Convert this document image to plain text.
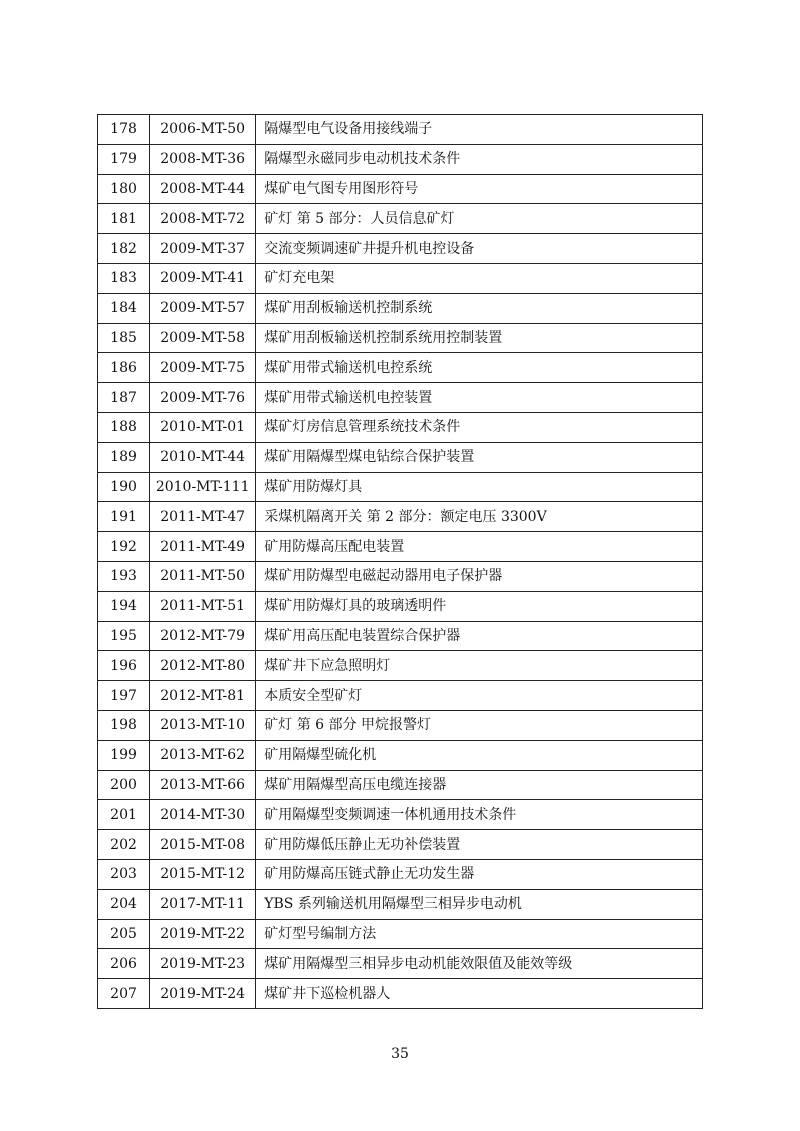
178	2006-MT-50	隔爆型电气设备用接线端子
179	2008-MT-36	隔爆型永磁同步电动机技术条件
180	2008-MT-44	煤矿电气图专用图形符号
181	2008-MT-72	矿灯 第 5 部分：人员信息矿灯
182	2009-MT-37	交流变频调速矿井提升机电控设备
183	2009-MT-41	矿灯充电架
184	2009-MT-57	煤矿用刮板输送机控制系统
185	2009-MT-58	煤矿用刮板输送机控制系统用控制装置
186	2009-MT-75	煤矿用带式输送机电控系统
187	2009-MT-76	煤矿用带式输送机电控装置
188	2010-MT-01	煤矿灯房信息管理系统技术条件
189	2010-MT-44	煤矿用隔爆型煤电钻综合保护装置
190	2010-MT-111	煤矿用防爆灯具
191	2011-MT-47	采煤机隔离开关 第 2 部分：额定电压 3300V
192	2011-MT-49	矿用防爆高压配电装置
193	2011-MT-50	煤矿用防爆型电磁起动器用电子保护器
194	2011-MT-51	煤矿用防爆灯具的玻璃透明件
195	2012-MT-79	煤矿用高压配电装置综合保护器
196	2012-MT-80	煤矿井下应急照明灯
197	2012-MT-81	本质安全型矿灯
198	2013-MT-10	矿灯 第 6 部分 甲烷报警灯
199	2013-MT-62	矿用隔爆型硫化机
200	2013-MT-66	煤矿用隔爆型高压电缆连接器
201	2014-MT-30	矿用隔爆型变频调速一体机通用技术条件
202	2015-MT-08	矿用防爆低压静止无功补偿装置
203	2015-MT-12	矿用防爆高压链式静止无功发生器
204	2017-MT-11	YBS 系列输送机用隔爆型三相异步电动机
205	2019-MT-22	矿灯型号编制方法
206	2019-MT-23	煤矿用隔爆型三相异步电动机能效限值及能效等级
207	2019-MT-24	煤矿井下巡检机器人
35
